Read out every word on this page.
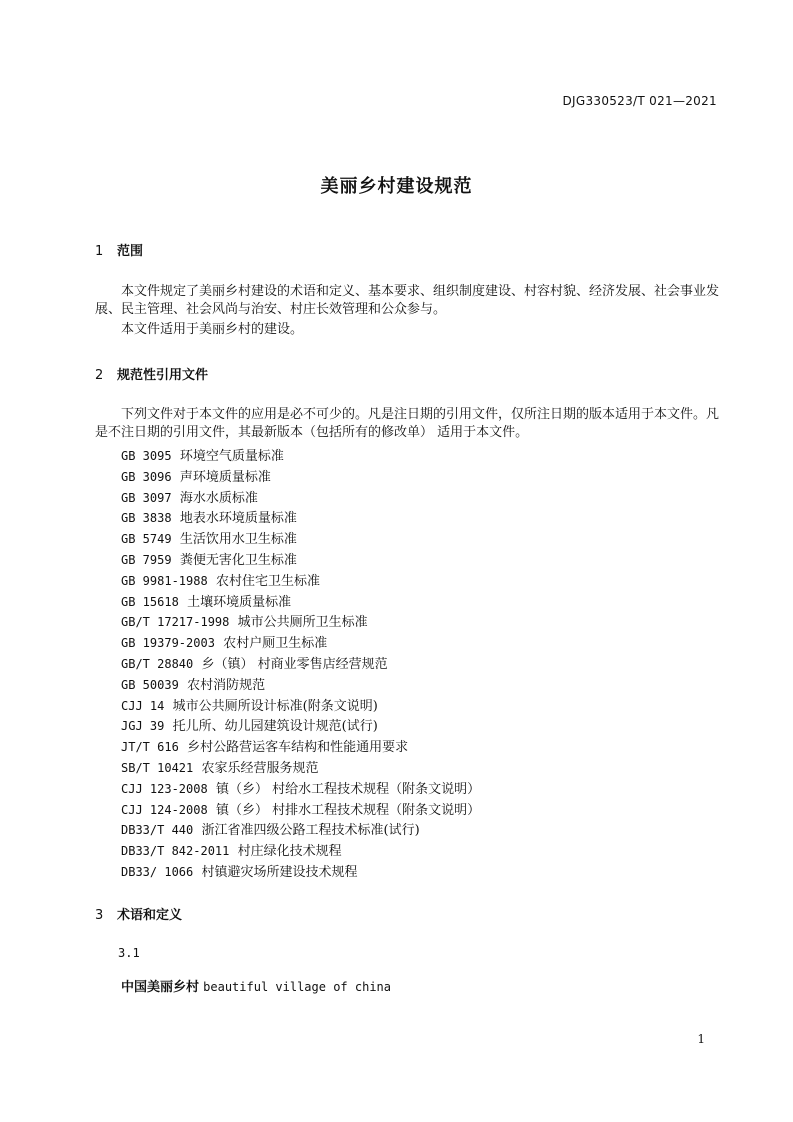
DJG330523/T 021—2021
美丽乡村建设规范
1 范围
本文件规定了美丽乡村建设的术语和定义、基本要求、组织制度建设、村容村貌、经济发展、社会事业发展、民主管理、社会风尚与治安、村庄长效管理和公众参与。
本文件适用于美丽乡村的建设。
2 规范性引用文件
下列文件对于本文件的应用是必不可少的。凡是注日期的引用文件，仅所注日期的版本适用于本文件。凡是不注日期的引用文件，其最新版本（包括所有的修改单） 适用于本文件。
GB 3095 环境空气质量标准
GB 3096 声环境质量标准
GB 3097 海水水质标准
GB 3838 地表水环境质量标准
GB 5749 生活饮用水卫生标准
GB 7959 粪便无害化卫生标准
GB 9981-1988 农村住宅卫生标准
GB 15618 土壤环境质量标准
GB/T 17217-1998 城市公共厕所卫生标准
GB 19379-2003 农村户厕卫生标准
GB/T 28840 乡（镇） 村商业零售店经营规范
GB 50039 农村消防规范
CJJ 14 城市公共厕所设计标准(附条文说明)
JGJ 39 托儿所、幼儿园建筑设计规范(试行)
JT/T 616 乡村公路营运客车结构和性能通用要求
SB/T 10421 农家乐经营服务规范
CJJ 123-2008 镇（乡） 村给水工程技术规程（附条文说明）
CJJ 124-2008 镇（乡） 村排水工程技术规程（附条文说明）
DB33/T 440 浙江省准四级公路工程技术标准(试行)
DB33/T 842-2011 村庄绿化技术规程
DB33/ 1066 村镇避灾场所建设技术规程
3 术语和定义
3.1
中国美丽乡村 beautiful village of china
1
